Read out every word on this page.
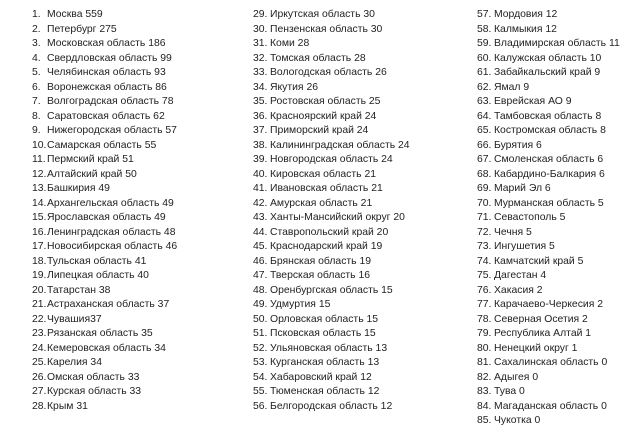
1. Москва 559
2. Петербург 275
3. Московская область 186
4. Свердловская область 99
5. Челябинская область 93
6. Воронежская область 86
7. Волгоградская область 78
8. Саратовская область 62
9. Нижегородская область 57
10. Самарская область 55
11. Пермский край 51
12. Алтайский край 50
13. Башкирия 49
14. Архангельская область 49
15. Ярославская область 49
16. Ленинградская область 48
17. Новосибирская область 46
18. Тульская область 41
19. Липецкая область 40
20. Татарстан 38
21. Астраханская область 37
22. Чувашия37
23. Рязанская область 35
24. Кемеровская область 34
25. Карелия 34
26. Омская область 33
27. Курская область 33
28. Крым 31
29. Иркутская область 30
30. Пензенская область 30
31. Коми 28
32. Томская область 28
33. Вологодская область 26
34. Якутия 26
35. Ростовская область 25
36. Красноярский край 24
37. Приморский край 24
38. Калининградская область 24
39. Новгородская область 24
40. Кировская область 21
41. Ивановская область 21
42. Амурская область 21
43. Ханты-Мансийский округ 20
44. Ставропольский край 20
45. Краснодарский край 19
46. Брянская область 19
47. Тверская область 16
48. Оренбургская область 15
49. Удмуртия 15
50. Орловская область 15
51. Псковская область 15
52. Ульяновская область 13
53. Курганская область 13
54. Хабаровский край 12
55. Тюменская область 12
56. Белгородская область 12
57. Мордовия 12
58. Калмыкия 12
59. Владимирская область 11
60. Калужская область 10
61. Забайкальский край 9
62. Ямал 9
63. Еврейская АО 9
64. Тамбовская область 8
65. Костромская область 8
66. Бурятия 6
67. Смоленская область 6
68. Кабардино-Балкария 6
69. Марий Эл 6
70. Мурманская область 5
71. Севастополь 5
72. Чечня 5
73. Ингушетия 5
74. Камчатский край 5
75. Дагестан 4
76. Хакасия 2
77. Карачаево-Черкесия 2
78. Северная Осетия 2
79. Республика Алтай 1
80. Ненецкий округ 1
81. Сахалинская область 0
82. Адыгея 0
83. Тува 0
84. Магаданская область 0
85. Чукотка 0
